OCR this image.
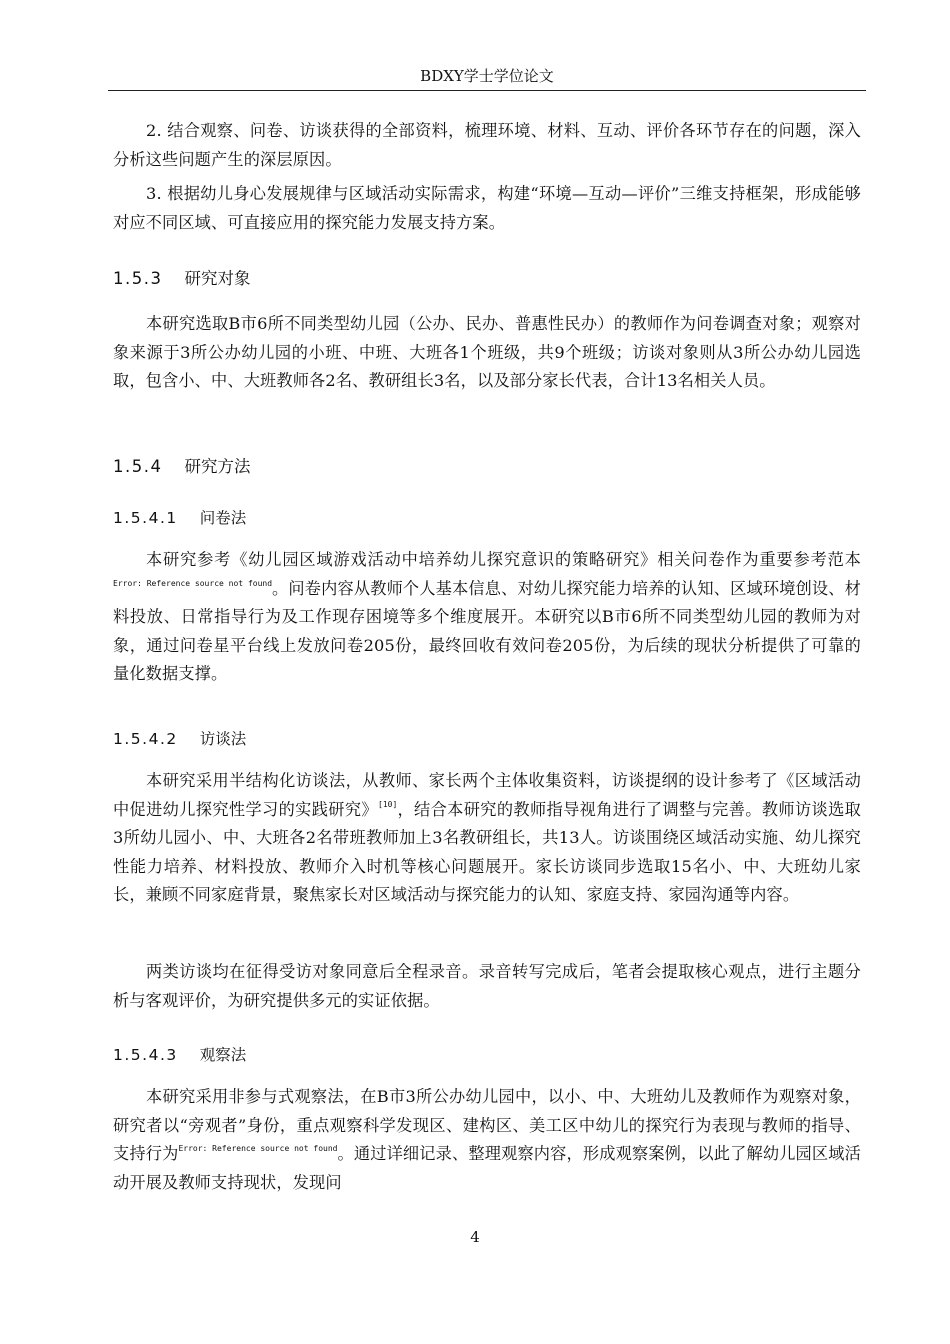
BDXY学士学位论文

2. 结合观察、问卷、访谈获得的全部资料，梳理环境、材料、互动、评价各环节存在的问题，深入分析这些问题产生的深层原因。

3. 根据幼儿身心发展规律与区域活动实际需求，构建“环境—互动—评价”三维支持框架，形成能够对应不同区域、可直接应用的探究能力发展支持方案。

1.5.3 研究对象

本研究选取B市6所不同类型幼儿园（公办、民办、普惠性民办）的教师作为问卷调查对象；观察对象来源于3所公办幼儿园的小班、中班、大班各1个班级，共9个班级；访谈对象则从3所公办幼儿园选取，包含小、中、大班教师各2名、教研组长3名，以及部分家长代表，合计13名相关人员。

1.5.4 研究方法
1.5.4.1 问卷法

本研究参考《幼儿园区域游戏活动中培养幼儿探究意识的策略研究》相关问卷作为重要参考范本$^{Error: Reference source not found}$。问卷内容从教师个人基本信息、对幼儿探究能力培养的认知、区域环境创设、材料投放、日常指导行为及工作现存困境等多个维度展开。本研究以B市6所不同类型幼儿园的教师为对象，通过问卷星平台线上发放问卷205份，最终回收有效问卷205份，为后续的现状分析提供了可靠的量化数据支撑。

1.5.4.2 访谈法

本研究采用半结构化访谈法，从教师、家长两个主体收集资料，访谈提纲的设计参考了《区域活动中促进幼儿探究性学习的实践研究》[10]，结合本研究的教师指导视角进行了调整与完善。教师访谈选取3所幼儿园小、中、大班各2名带班教师加上3名教研组长，共13人。访谈围绕区域活动实施、幼儿探究性能力培养、材料投放、教师介入时机等核心问题展开。家长访谈同步选取15名小、中、大班幼儿家长，兼顾不同家庭背景，聚焦家长对区域活动与探究能力的认知、家庭支持、家园沟通等内容。

两类访谈均在征得受访对象同意后全程录音。录音转写完成后，笔者会提取核心观点，进行主题分析与客观评价，为研究提供多元的实证依据。

1.5.4.3 观察法

本研究采用非参与式观察法，在B市3所公办幼儿园中，以小、中、大班幼儿及教师作为观察对象，研究者以“旁观者”身份，重点观察科学发现区、建构区、美工区中幼儿的探究行为表现与教师的指导、支持行为$^{Error: Reference source not found}$。通过详细记录、整理观察内容，形成观察案例，以此了解幼儿园区域活动开展及教师支持现状，发现问

4
